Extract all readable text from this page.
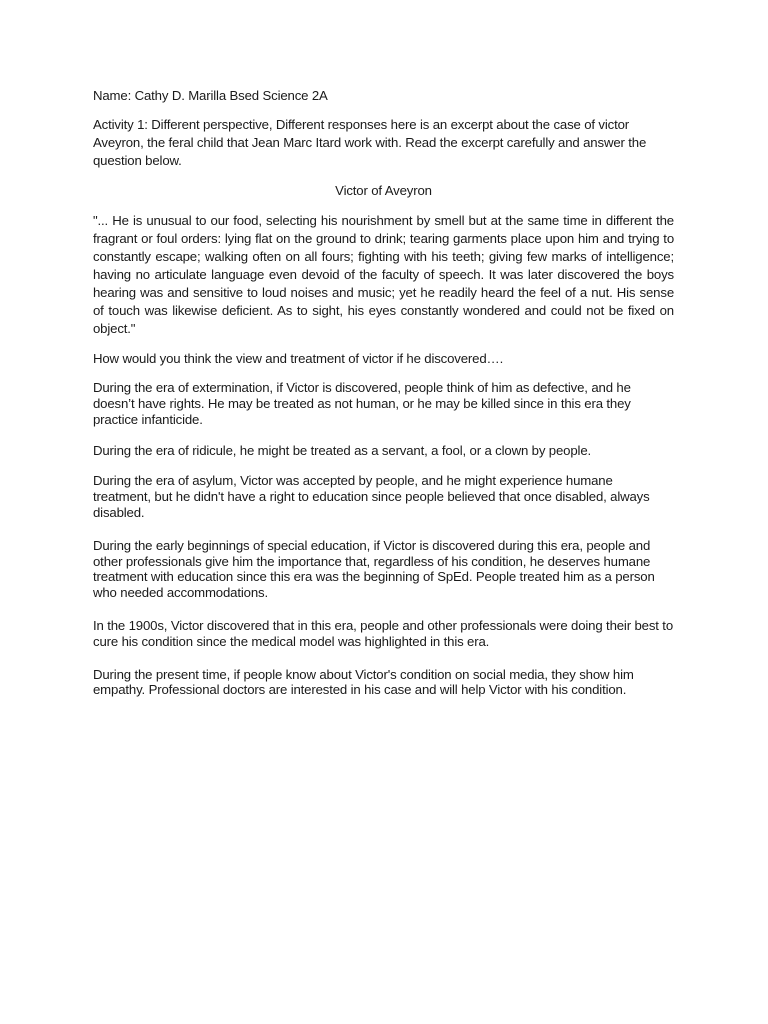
Name: Cathy D. Marilla Bsed Science 2A

Activity 1: Different perspective, Different responses here is an excerpt about the case of victor Aveyron, the feral child that Jean Marc Itard work with. Read the excerpt carefully and answer the question below.

Victor of Aveyron

"... He is unusual to our food, selecting his nourishment by smell but at the same time in different the fragrant or foul orders: lying flat on the ground to drink; tearing garments place upon him and trying to constantly escape; walking often on all fours; fighting with his teeth; giving few marks of intelligence; having no articulate language even devoid of the faculty of speech. It was later discovered the boys hearing was and sensitive to loud noises and music; yet he readily heard the feel of a nut. His sense of touch was likewise deficient. As to sight, his eyes constantly wondered and could not be fixed on object."

How would you think the view and treatment of victor if he discovered….

During the era of extermination, if Victor is discovered, people think of him as defective, and he doesn’t have rights. He may be treated as not human, or he may be killed since in this era they practice infanticide.

During the era of ridicule, he might be treated as a servant, a fool, or a clown by people.

During the era of asylum, Victor was accepted by people, and he might experience humane treatment, but he didn't have a right to education since people believed that once disabled, always disabled.

During the early beginnings of special education, if Victor is discovered during this era, people and other professionals give him the importance that, regardless of his condition, he deserves humane treatment with education since this era was the beginning of SpEd. People treated him as a person who needed accommodations.

In the 1900s, Victor discovered that in this era, people and other professionals were doing their best to cure his condition since the medical model was highlighted in this era.

During the present time, if people know about Victor's condition on social media, they show him empathy. Professional doctors are interested in his case and will help Victor with his condition.
